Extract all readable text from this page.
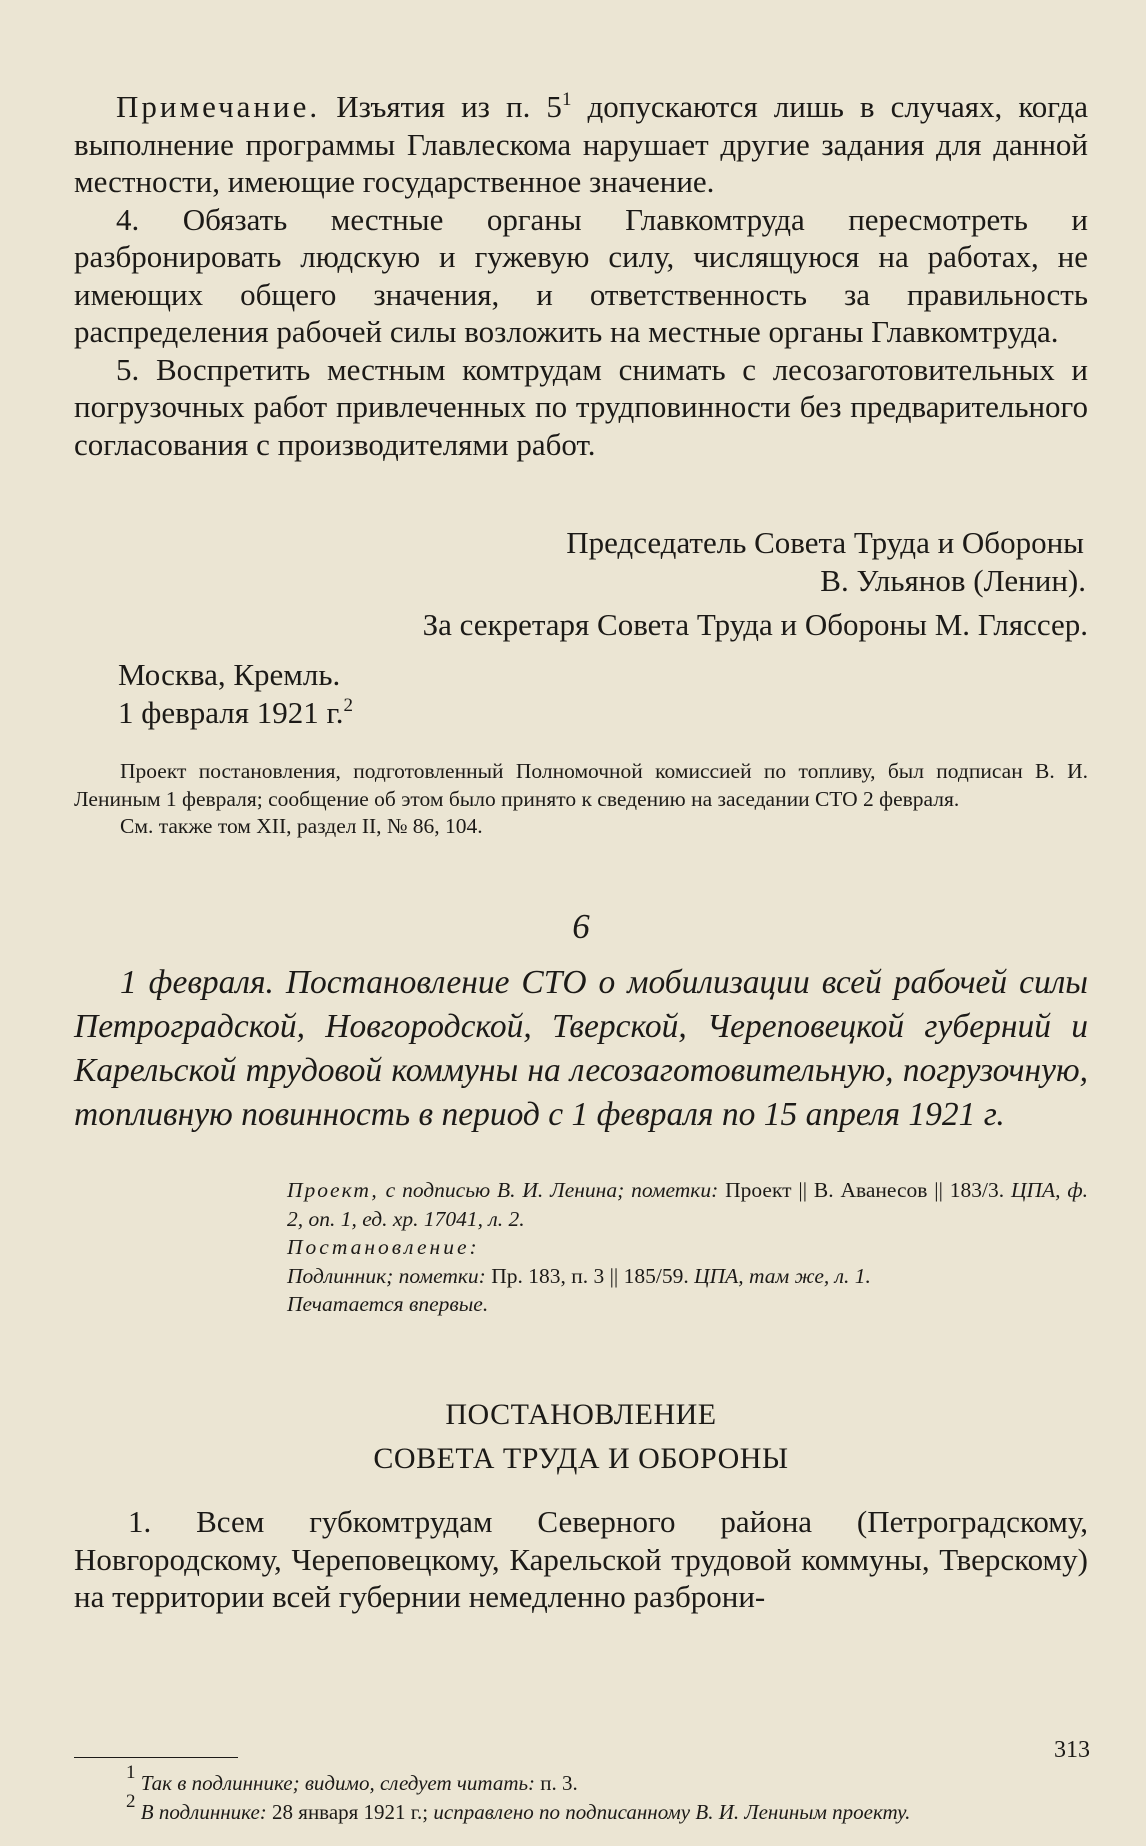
Примечание. Изъятия из п. $5^1$ допускаются лишь в случаях, когда выполнение программы Главлескома нарушает другие задания для данной местности, имеющие государственное значение.

4. Обязать местные органы Главкомтруда пересмотреть и разбронировать людскую и гужевую силу, числящуюся на работах, не имеющих общего значения, и ответственность за правильность распределения рабочей силы возложить на местные органы Главкомтруда.

5. Воспретить местным комтрудам снимать с лесозаготовительных и погрузочных работ привлеченных по трудповинности без предварительного согласования с производителями работ.

Председатель Совета Труда и Обороны

В. Ульянов (Ленин).

За секретаря Совета Труда и Обороны М. Гляссер.

Москва, Кремль.

1 февраля 1921 г.$^2$

Проект постановления, подготовленный Полномочной комиссией по топливу, был подписан В. И. Лениным 1 февраля; сообщение об этом было принято к сведению на заседании СТО 2 февраля.

См. также том XII, раздел II, № 86, 104.

6

1 февраля. Постановление СТО о мобилизации всей рабочей силы Петроградской, Новгородской, Тверской, Череповецкой губерний и Карельской трудовой коммуны на лесозаготовительную, погрузочную, топливную повинность в период с 1 февраля по 15 апреля 1921 г.

Проект, с подписью В. И. Ленина; пометки: Проект || В. Аванесов || 183/3. ЦПА, ф. 2, оп. 1, ед. хр. 17041, л. 2.

Постановление:

Подлинник; пометки: Пр. 183, п. 3 || 185/59. ЦПА, там же, л. 1.

Печатается впервые.

ПОСТАНОВЛЕНИЕ

СОВЕТА ТРУДА И ОБОРОНЫ

1. Всем губкомтрудам Северного района (Петроградскому, Новгородскому, Череповецкому, Карельской трудовой коммуны, Тверскому) на территории всей губернии немедленно разброни-

$^1$ Так в подлиннике; видимо, следует читать: п. 3.

$^2$ В подлиннике: 28 января 1921 г.; исправлено по подписанному В. И. Лениным проекту.

313
